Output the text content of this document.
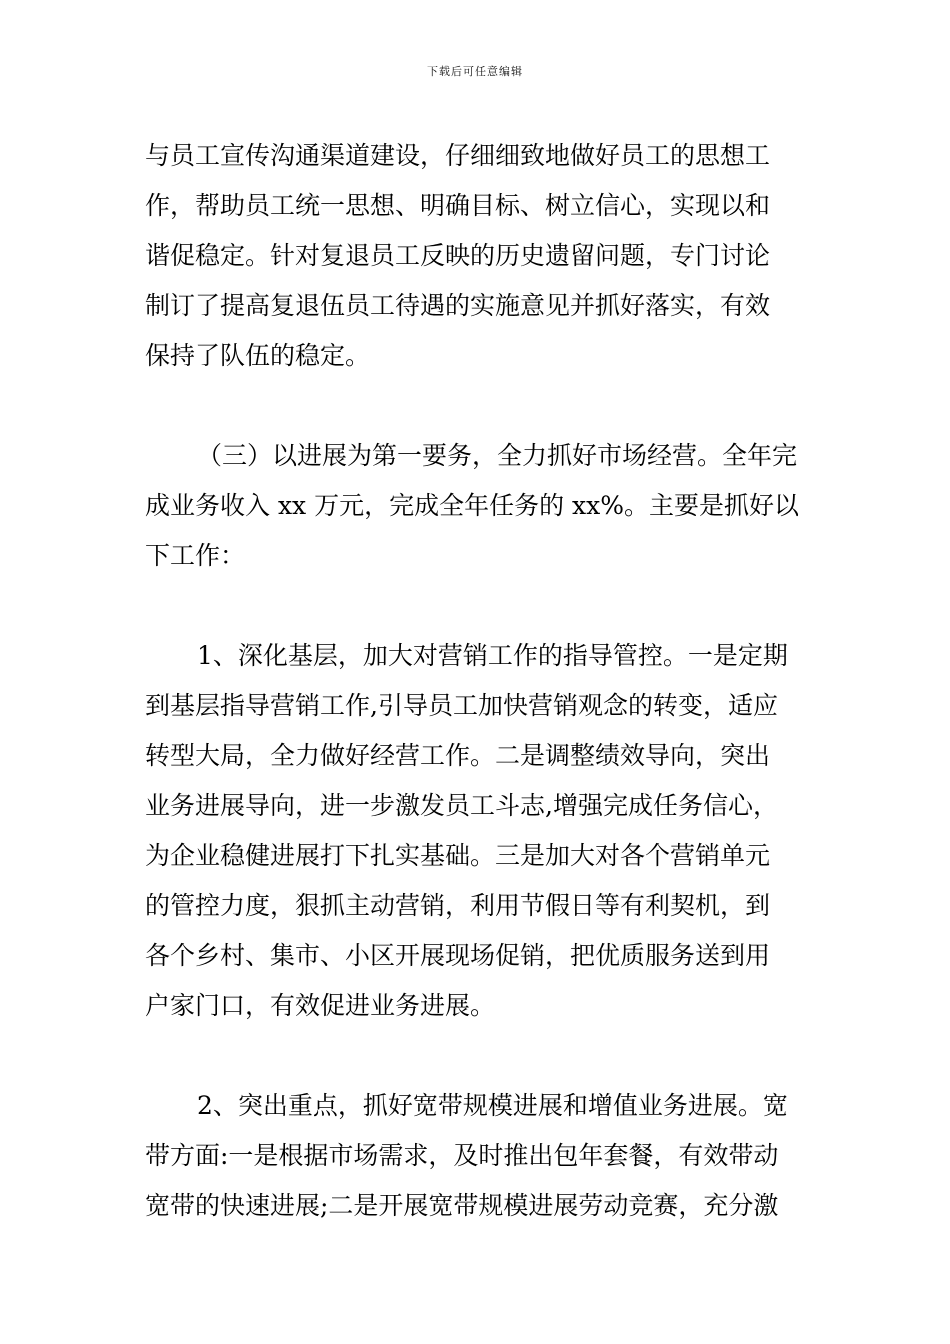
下载后可任意编辑
与员工宣传沟通渠道建设，仔细细致地做好员工的思想工
作，帮助员工统一思想、明确目标、树立信心，实现以和
谐促稳定。针对复退员工反映的历史遗留问题，专门讨论
制订了提高复退伍员工待遇的实施意见并抓好落实，有效
保持了队伍的稳定。
（三）以进展为第一要务，全力抓好市场经营。全年完
成业务收入 xx 万元，完成全年任务的 xx%。主要是抓好以
下工作：
1、深化基层，加大对营销工作的指导管控。一是定期
到基层指导营销工作,引导员工加快营销观念的转变，适应
转型大局，全力做好经营工作。二是调整绩效导向，突出
业务进展导向，进一步激发员工斗志,增强完成任务信心，
为企业稳健进展打下扎实基础。三是加大对各个营销单元
的管控力度，狠抓主动营销，利用节假日等有利契机，到
各个乡村、集市、小区开展现场促销，把优质服务送到用
户家门口，有效促进业务进展。
2、突出重点，抓好宽带规模进展和增值业务进展。宽
带方面:一是根据市场需求，及时推出包年套餐，有效带动
宽带的快速进展;二是开展宽带规模进展劳动竞赛，充分激
